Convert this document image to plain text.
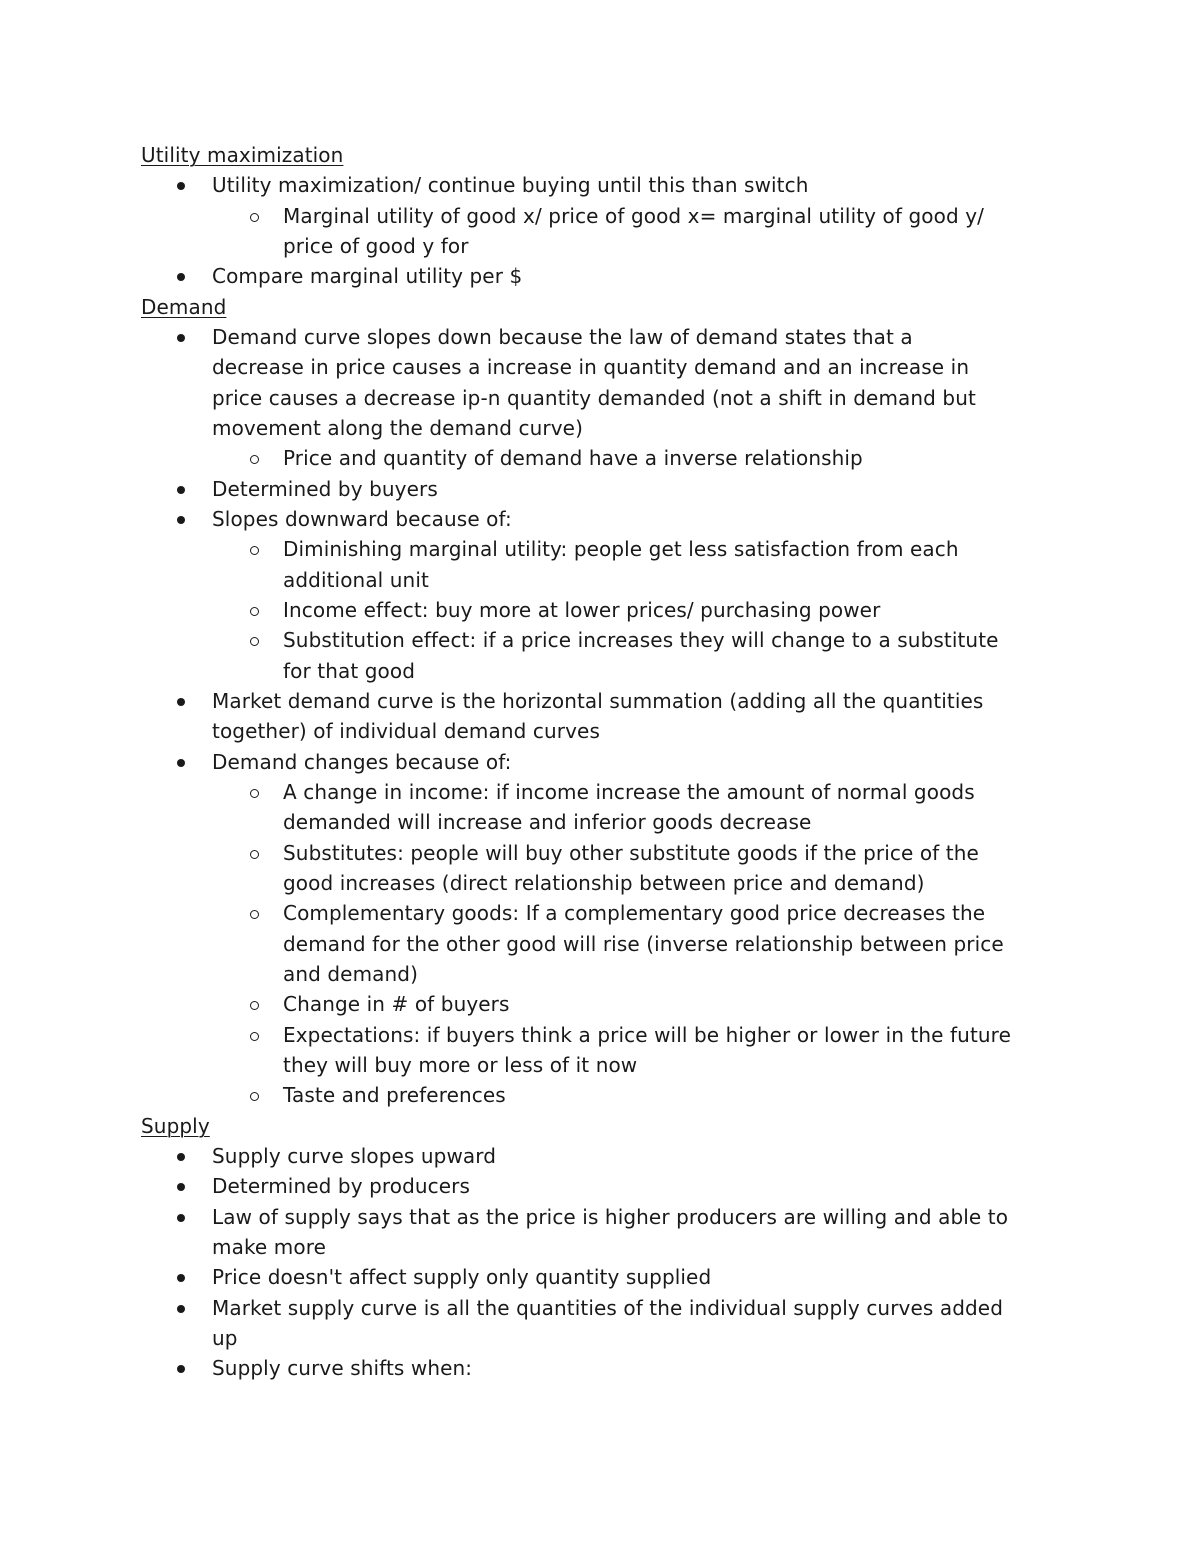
Utility maximization
Utility maximization/ continue buying until this than switch
Marginal utility of good x/ price of good x= marginal utility of good y/
price of good y for
Compare marginal utility per $
Demand
Demand curve slopes down because the law of demand states that a
decrease in price causes a increase in quantity demand and an increase in
price causes a decrease ip-n quantity demanded (not a shift in demand but
movement along the demand curve)
Price and quantity of demand have a inverse relationship
Determined by buyers
Slopes downward because of:
Diminishing marginal utility: people get less satisfaction from each
additional unit
Income effect: buy more at lower prices/ purchasing power
Substitution effect: if a price increases they will change to a substitute
for that good
Market demand curve is the horizontal summation (adding all the quantities
together) of individual demand curves
Demand changes because of:
A change in income: if income increase the amount of normal goods
demanded will increase and inferior goods decrease
Substitutes: people will buy other substitute goods if the price of the
good increases (direct relationship between price and demand)
Complementary goods: If a complementary good price decreases the
demand for the other good will rise (inverse relationship between price
and demand)
Change in # of buyers
Expectations: if buyers think a price will be higher or lower in the future
they will buy more or less of it now
Taste and preferences
Supply
Supply curve slopes upward
Determined by producers
Law of supply says that as the price is higher producers are willing and able to
make more
Price doesn't affect supply only quantity supplied
Market supply curve is all the quantities of the individual supply curves added
up
Supply curve shifts when:
